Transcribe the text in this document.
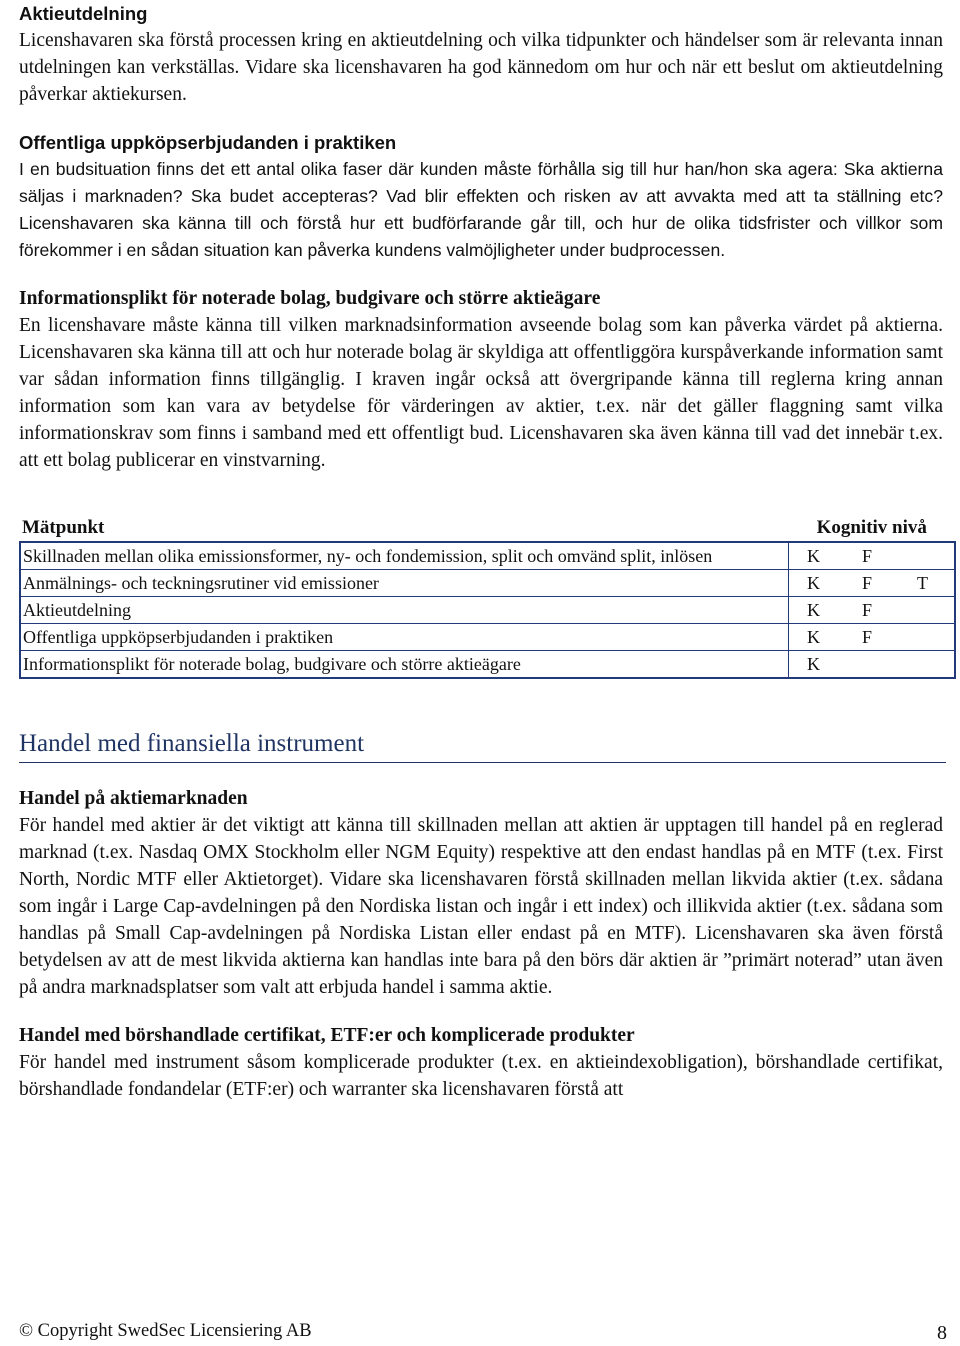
Aktieutdelning

Licenshavaren ska förstå processen kring en aktieutdelning och vilka tidpunkter och händelser som är relevanta innan utdelningen kan verkställas. Vidare ska licenshavaren ha god kännedom om hur och när ett beslut om aktieutdelning påverkar aktiekursen.

Offentliga uppköpserbjudanden i praktiken

I en budsituation finns det ett antal olika faser där kunden måste förhålla sig till hur han/hon ska agera: Ska aktierna säljas i marknaden? Ska budet accepteras? Vad blir effekten och risken av att avvakta med att ta ställning etc? Licenshavaren ska känna till och förstå hur ett budförfarande går till, och hur de olika tidsfrister och villkor som förekommer i en sådan situation kan påverka kundens valmöjligheter under budprocessen.

Informationsplikt för noterade bolag, budgivare och större aktieägare

En licenshavare måste känna till vilken marknadsinformation avseende bolag som kan påverka värdet på aktierna. Licenshavaren ska känna till att och hur noterade bolag är skyldiga att offentliggöra kurspåverkande information samt var sådan information finns tillgänglig. I kraven ingår också att övergripande känna till reglerna kring annan information som kan vara av betydelse för värderingen av aktier, t.ex. när det gäller flaggning samt vilka informationskrav som finns i samband med ett offentligt bud. Licenshavaren ska även känna till vad det innebär t.ex. att ett bolag publicerar en vinstvarning.

Mätpunkt	Kognitiv nivå		
Skillnaden mellan olika emissionsformer, ny- och fondemission, split och omvänd split, inlösen	K	F	
Anmälnings- och teckningsrutiner vid emissioner	K	F	T
Aktieutdelning	K	F	
Offentliga uppköpserbjudanden i praktiken	K	F	
Informationsplikt för noterade bolag, budgivare och större aktieägare	K		
Handel med finansiella instrument
Handel på aktiemarknaden

För handel med aktier är det viktigt att känna till skillnaden mellan att aktien är upptagen till handel på en reglerad marknad (t.ex. Nasdaq OMX Stockholm eller NGM Equity) respektive att den endast handlas på en MTF (t.ex. First North, Nordic MTF eller Aktietorget). Vidare ska licenshavaren förstå skillnaden mellan likvida aktier (t.ex. sådana som ingår i Large Cap-avdelningen på den Nordiska listan och ingår i ett index) och illikvida aktier (t.ex. sådana som handlas på Small Cap-avdelningen på Nordiska Listan eller endast på en MTF). Licenshavaren ska även förstå betydelsen av att de mest likvida aktierna kan handlas inte bara på den börs där aktien är ”primärt noterad” utan även på andra marknadsplatser som valt att erbjuda handel i samma aktie.

Handel med börshandlade certifikat, ETF:er och komplicerade produkter

För handel med instrument såsom komplicerade produkter (t.ex. en aktieindexobligation), börshandlade certifikat, börshandlade fondandelar (ETF:er) och warranter ska licenshavaren förstå att

© Copyright SwedSec Licensiering AB	8
